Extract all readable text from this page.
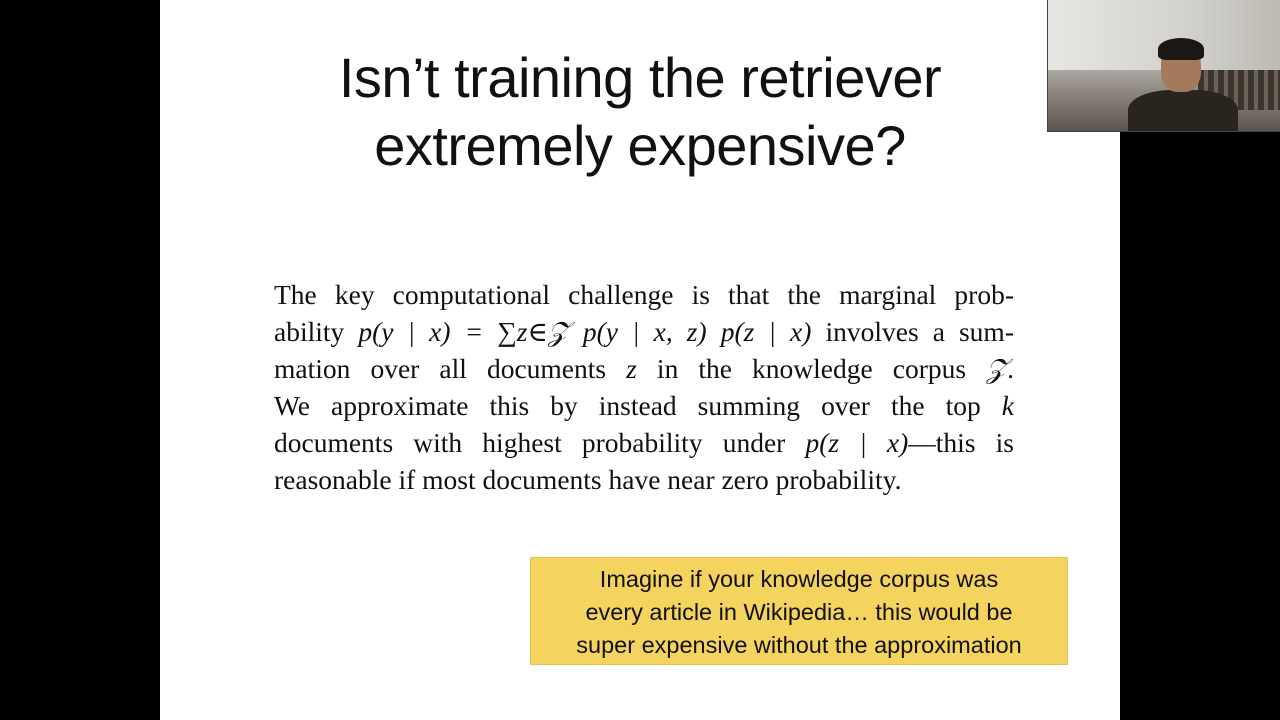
Isn’t training the retriever
extremely expensive?
The key computational challenge is that the marginal prob-
ability p(y | x) = ∑z∈𝒵 p(y | x, z) p(z | x) involves a sum-
mation over all documents z in the knowledge corpus 𝒵.
We approximate this by instead summing over the top k
documents with highest probability under p(z | x)—this is
reasonable if most documents have near zero probability.
Imagine if your knowledge corpus was
every article in Wikipedia… this would be
super expensive without the approximation
